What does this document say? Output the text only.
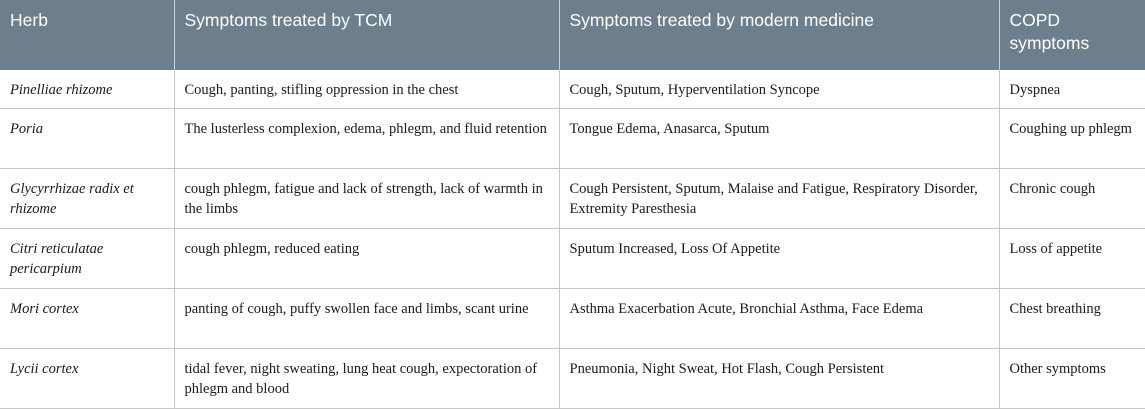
Herb	Symptoms treated by TCM	Symptoms treated by modern medicine	COPD symptoms
Pinelliae rhizome	Cough, panting, stifling oppression in the chest	Cough, Sputum, Hyperventilation Syncope	Dyspnea
Poria	The lusterless complexion, edema, phlegm, and fluid retention	Tongue Edema, Anasarca, Sputum	Coughing up phlegm
Glycyrrhizae radix et rhizome	cough phlegm, fatigue and lack of strength, lack of warmth in the limbs	Cough Persistent, Sputum, Malaise and Fatigue, Respiratory Disorder, Extremity Paresthesia	Chronic cough
Citri reticulatae pericarpium	cough phlegm, reduced eating	Sputum Increased, Loss Of Appetite	Loss of appetite
Mori cortex	panting of cough, puffy swollen face and limbs, scant urine	Asthma Exacerbation Acute, Bronchial Asthma, Face Edema	Chest breathing
Lycii cortex	tidal fever, night sweating, lung heat cough, expectoration of phlegm and blood	Pneumonia, Night Sweat, Hot Flash, Cough Persistent	Other symptoms
